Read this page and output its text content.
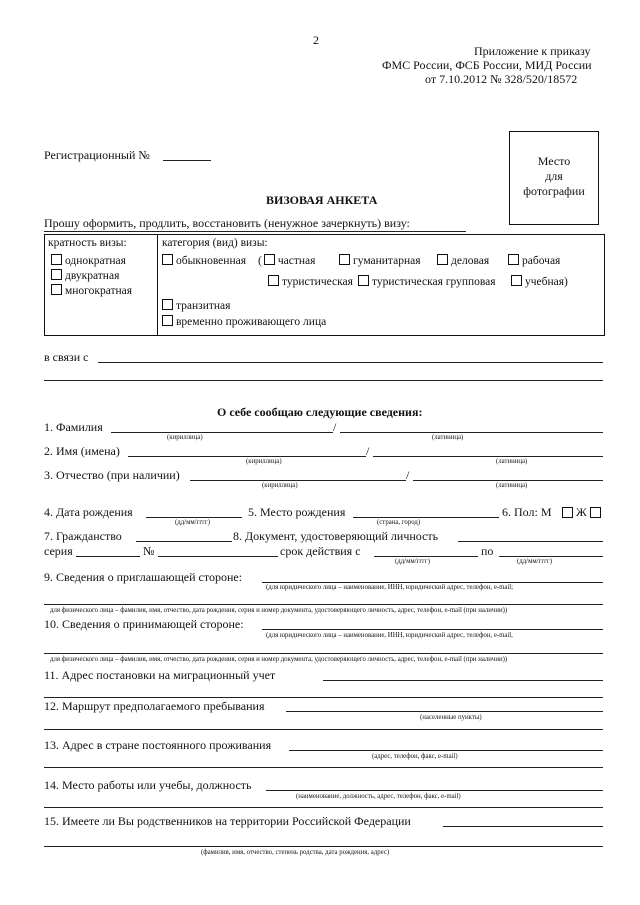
2
Приложение к приказу
ФМС России, ФСБ России, МИД России
от 7.10.2012 № 328/520/18572
Регистрационный №	Место
для
фотографии
ВИЗОВАЯ АНКЕТА
Прошу оформить, продлить, восстановить (ненужное зачеркнуть) визу:
кратность визы:
однократная
двукратная
многократная
категория (вид) визы:
обыкновенная ( частная	гуманитарная	деловая	рабочая
туристическая	туристическая групповая	учебная)
транзитная
временно проживающего лица
в связи с
О себе сообщаю следующие сведения:
1. Фамилия	/
(кириллица)	(латиница)
2. Имя (имена)	/
(кириллица)	(латиница)
3. Отчество (при наличии)	/
(кириллица)	(латиница)
4. Дата рождения
(дд/мм/гггг)
5. Место рождения
(страна, город)
6. Пол: М Ж
7. Гражданство	8. Документ, удостоверяющий личность
серия	№	срок действия с	по
(дд/мм/гггг)	(дд/мм/гггг)
9. Сведения о приглашающей стороне:
(для юридического лица – наименование, ИНН, юридический адрес, телефон, e-mail;
для физического лица – фамилия, имя, отчество, дата рождения, серия и номер документа, удостоверяющего личность, адрес, телефон, e-mail (при наличии))
10. Сведения о принимающей стороне:
(для юридического лица – наименование, ИНН, юридический адрес, телефон, e-mail,
для физического лица – фамилия, имя, отчество, дата рождения, серия и номер документа, удостоверяющего личность, адрес, телефон, e-mail (при наличии))
11. Адрес постановки на миграционный учет
12. Маршрут предполагаемого пребывания
(населенные пункты)
13. Адрес в стране постоянного проживания
(адрес, телефон, факс, e-mail)
14. Место работы или учебы, должность
(наименование, должность, адрес, телефон, факс, e-mail)
15. Имеете ли Вы родственников на территории Российской Федерации
(фамилия, имя, отчество, степень родства, дата рождения, адрес)
